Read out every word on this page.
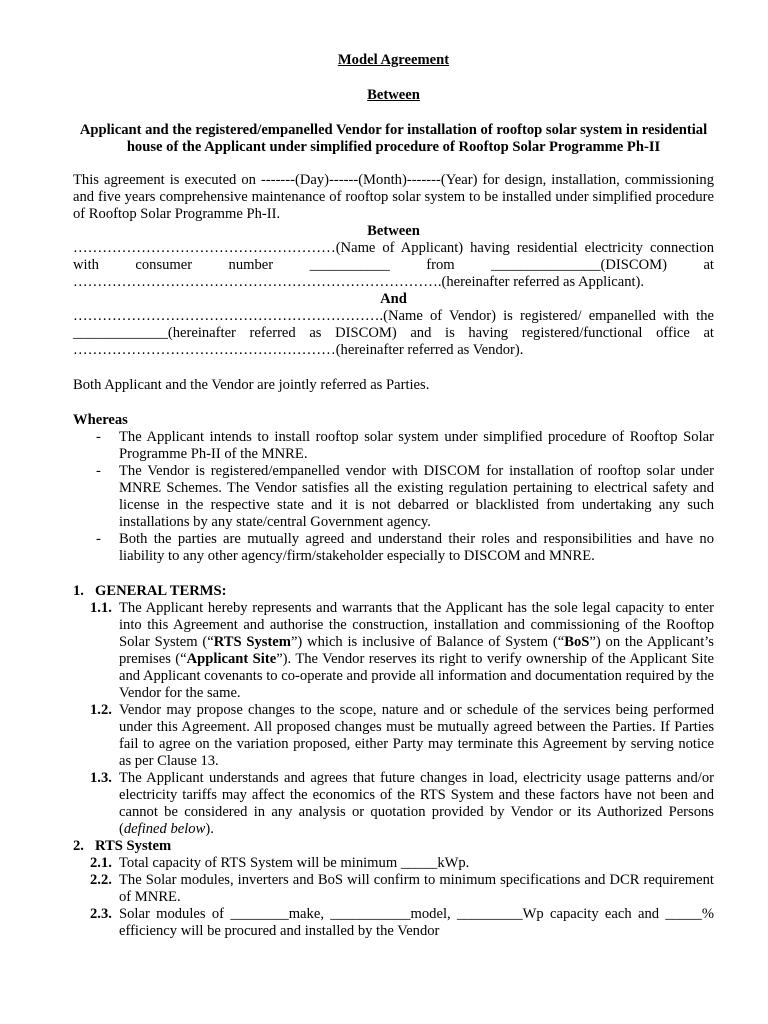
Model Agreement

Between

Applicant and the registered/empanelled Vendor for installation of rooftop solar system in residential house of the Applicant under simplified procedure of Rooftop Solar Programme Ph-II

This agreement is executed on -------(Day)------(Month)-------(Year) for design, installation, commissioning and five years comprehensive maintenance of rooftop solar system to be installed under simplified procedure of Rooftop Solar Programme Ph-II.

Between

………………………………………………(Name of Applicant) having residential electricity connection with consumer number ___________ from _______________(DISCOM) at ………………………………………………………………….(hereinafter referred as Applicant).

And

……………………………………………………….(Name of Vendor) is registered/ empanelled with the _____________(hereinafter referred as DISCOM) and is having registered/functional office at ………………………………………………(hereinafter referred as Vendor).

Both Applicant and the Vendor are jointly referred as Parties.

Whereas

- The Applicant intends to install rooftop solar system under simplified procedure of Rooftop Solar Programme Ph-II of the MNRE.
- The Vendor is registered/empanelled vendor with DISCOM for installation of rooftop solar under MNRE Schemes. The Vendor satisfies all the existing regulation pertaining to electrical safety and license in the respective state and it is not debarred or blacklisted from undertaking any such installations by any state/central Government agency.
- Both the parties are mutually agreed and understand their roles and responsibilities and have no liability to any other agency/firm/stakeholder especially to DISCOM and MNRE.

1. GENERAL TERMS:

1.1. The Applicant hereby represents and warrants that the Applicant has the sole legal capacity to enter into this Agreement and authorise the construction, installation and commissioning of the Rooftop Solar System (“RTS System”) which is inclusive of Balance of System (“BoS”) on the Applicant’s premises (“Applicant Site”). The Vendor reserves its right to verify ownership of the Applicant Site and Applicant covenants to co-operate and provide all information and documentation required by the Vendor for the same.

1.2. Vendor may propose changes to the scope, nature and or schedule of the services being performed under this Agreement. All proposed changes must be mutually agreed between the Parties. If Parties fail to agree on the variation proposed, either Party may terminate this Agreement by serving notice as per Clause 13.

1.3. The Applicant understands and agrees that future changes in load, electricity usage patterns and/or electricity tariffs may affect the economics of the RTS System and these factors have not been and cannot be considered in any analysis or quotation provided by Vendor or its Authorized Persons (defined below).

2. RTS System

2.1. Total capacity of RTS System will be minimum _____kWp.

2.2. The Solar modules, inverters and BoS will confirm to minimum specifications and DCR requirement of MNRE.

2.3. Solar modules of ________make, ___________model, _________Wp capacity each and _____% efficiency will be procured and installed by the Vendor
